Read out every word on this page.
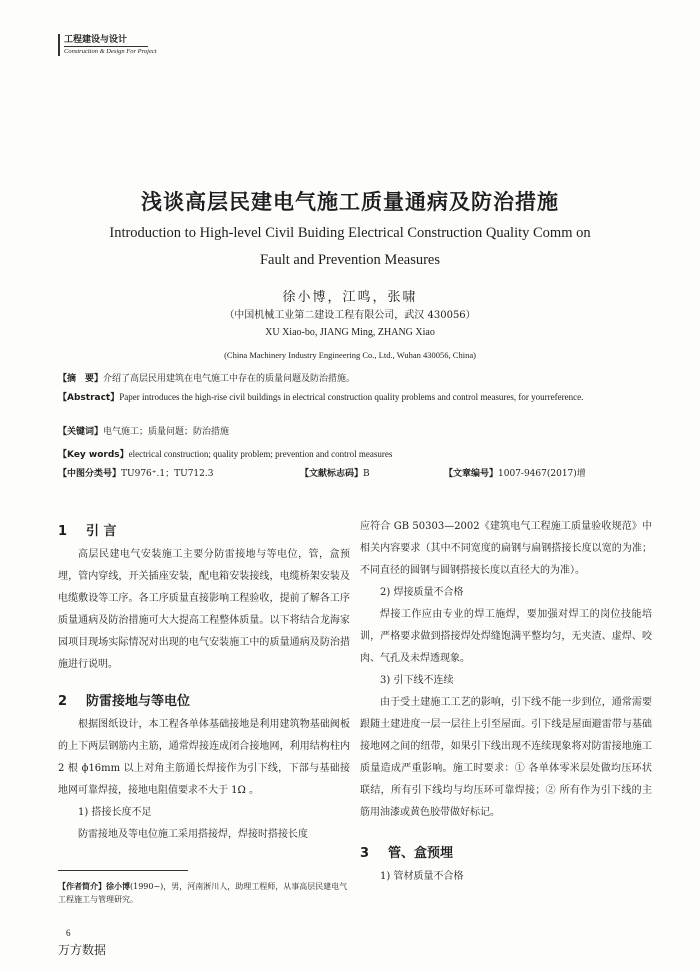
工程建设与设计
Construction & Design For Project
浅谈高层民建电气施工质量通病及防治措施
Introduction to High-level Civil Buiding Electrical Construction Quality Comm on Fault and Prevention Measures
徐小博，江鸣，张啸
（中国机械工业第二建设工程有限公司，武汉 430056）
XU Xiao-bo, JIANG Ming, ZHANG Xiao
(China Machinery Industry Engineering Co., Ltd., Wuhan 430056, China)
【摘　要】介绍了高层民用建筑在电气施工中存在的质量问题及防治措施。
【Abstract】Paper introduces the high-rise civil buildings in electrical construction quality problems and control measures, for yourreference.
【关键词】电气施工；质量问题；防治措施
【Key words】electrical construction; quality problem; prevention and control measures
【中图分类号】TU976⁺.1；TU712.3	【文献标志码】B	【文章编号】1007-9467(2017)增
1 引 言

高层民建电气安装施工主要分防雷接地与等电位，管，盒预埋，管内穿线，开关插座安装，配电箱安装接线，电缆桥架安装及电缆敷设等工序。各工序质量直接影响工程验收，提前了解各工序质量通病及防治措施可大大提高工程整体质量。以下将结合龙海家园项目现场实际情况对出现的电气安装施工中的质量通病及防治措施进行说明。

2 防雷接地与等电位

根据图纸设计，本工程各单体基础接地是利用建筑物基础阀板的上下两层钢筋内主筋，通常焊接连成闭合接地网，利用结构柱内 2 根 ϕ16mm 以上对角主筋通长焊接作为引下线，下部与基础接地网可靠焊接，接地电阻值要求不大于 1Ω 。

1) 搭接长度不足

防雷接地及等电位施工采用搭接焊，焊接时搭接长度

应符合 GB 50303—2002《建筑电气工程施工质量验收规范》中相关内容要求（其中不同宽度的扁钢与扁钢搭接长度以宽的为准；不同直径的圆钢与圆钢搭接长度以直径大的为准）。

2) 焊接质量不合格

焊接工作应由专业的焊工施焊，要加强对焊工的岗位技能培训，严格要求做到搭接焊处焊缝饱满平整均匀，无夹渣、虚焊、咬肉、气孔及未焊透现象。

3) 引下线不连续

由于受土建施工工艺的影响，引下线不能一步到位，通常需要跟随土建进度一层一层往上引至屋面。引下线是屋面避雷带与基础接地网之间的纽带，如果引下线出现不连续现象将对防雷接地施工质量造成严重影响。施工时要求：① 各单体零米层处做均压环状联结，所有引下线均与均压环可靠焊接；② 所有作为引下线的主筋用油漆或黄色胶带做好标记。

3 管、盒预埋

1) 管材质量不合格

【作者简介】徐小博(1990~)，男，河南淅川人，助理工程师，从事高层民建电气工程施工与管理研究。
6
万方数据
